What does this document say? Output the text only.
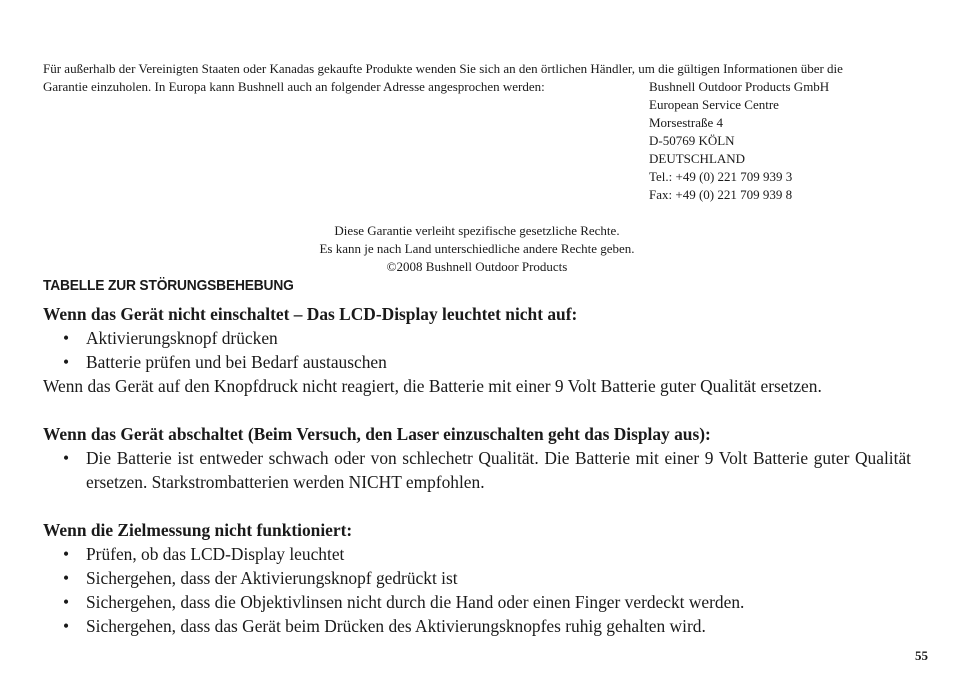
Für außerhalb der Vereinigten Staaten oder Kanadas gekaufte Produkte wenden Sie sich an den örtlichen Händler, um die gültigen Informationen über die
Garantie einzuholen. In Europa kann Bushnell auch an folgender Adresse angesprochen werden:	Bushnell Outdoor Products GmbH
European Service Centre
Morsestraße 4
D-50769 KÖLN
DEUTSCHLAND
Tel.: +49 (0) 221 709 939 3
Fax: +49 (0) 221 709 939 8
Diese Garantie verleiht spezifische gesetzliche Rechte.
Es kann je nach Land unterschiedliche andere Rechte geben.
©2008 Bushnell Outdoor Products
TABELLE ZUR STÖRUNGSBEHEBUNG
Wenn das Gerät nicht einschaltet – Das LCD-Display leuchtet nicht auf:
• Aktivierungsknopf drücken
• Batterie prüfen und bei Bedarf austauschen
Wenn das Gerät auf den Knopfdruck nicht reagiert, die Batterie mit einer 9 Volt Batterie guter Qualität ersetzen.
Wenn das Gerät abschaltet (Beim Versuch, den Laser einzuschalten geht das Display aus):
• Die Batterie ist entweder schwach oder von schlechetr Qualität. Die Batterie mit einer 9 Volt Batterie guter Qualität ersetzen. Starkstrombatterien werden NICHT empfohlen.
Wenn die Zielmessung nicht funktioniert:
• Prüfen, ob das LCD-Display leuchtet
• Sichergehen, dass der Aktivierungsknopf gedrückt ist
• Sichergehen, dass die Objektivlinsen nicht durch die Hand oder einen Finger verdeckt werden.
• Sichergehen, dass das Gerät beim Drücken des Aktivierungsknopfes ruhig gehalten wird.
55
